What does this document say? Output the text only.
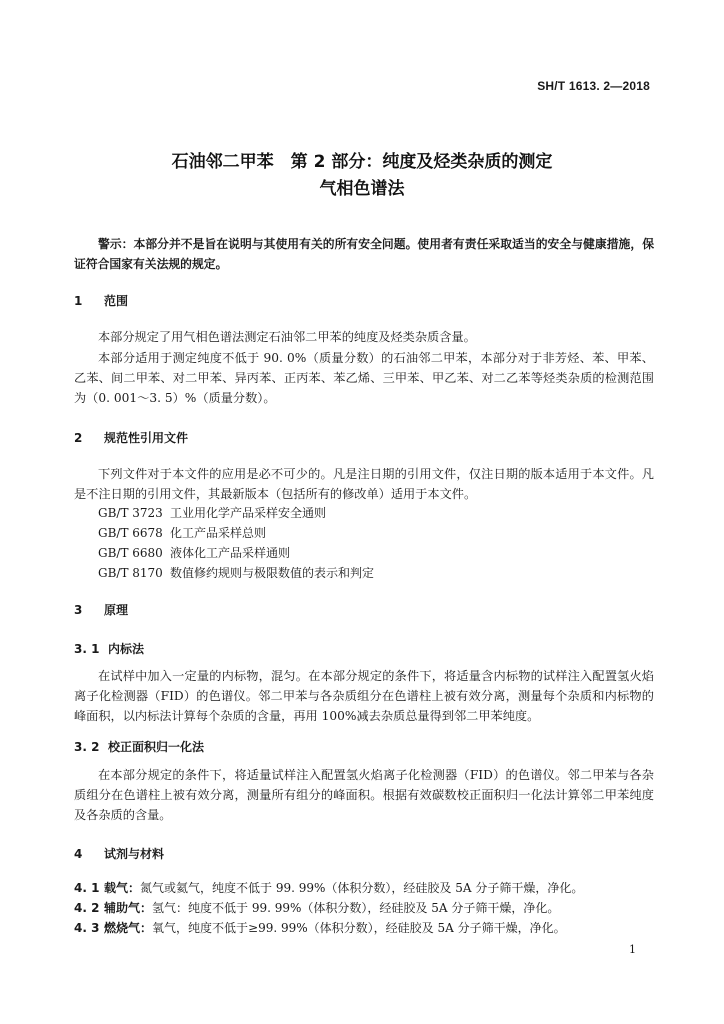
SH/T 1613. 2—2018
石油邻二甲苯　第 2 部分：纯度及烃类杂质的测定
气相色谱法

警示：本部分并不是旨在说明与其使用有关的所有安全问题。使用者有责任采取适当的安全与健康措施，保证符合国家有关法规的规定。

1 范围

本部分规定了用气相色谱法测定石油邻二甲苯的纯度及烃类杂质含量。

本部分适用于测定纯度不低于 90. 0%（质量分数）的石油邻二甲苯，本部分对于非芳烃、苯、甲苯、乙苯、间二甲苯、对二甲苯、异丙苯、正丙苯、苯乙烯、三甲苯、甲乙苯、对二乙苯等烃类杂质的检测范围为（0. 001～3. 5）%（质量分数）。

2 规范性引用文件

下列文件对于本文件的应用是必不可少的。凡是注日期的引用文件，仅注日期的版本适用于本文件。凡是不注日期的引用文件，其最新版本（包括所有的修改单）适用于本文件。

GB/T 3723 工业用化学产品采样安全通则
GB/T 6678 化工产品采样总则
GB/T 6680 液体化工产品采样通则
GB/T 8170 数值修约规则与极限数值的表示和判定
3 原理
3. 1 内标法

在试样中加入一定量的内标物，混匀。在本部分规定的条件下，将适量含内标物的试样注入配置氢火焰离子化检测器（FID）的色谱仪。邻二甲苯与各杂质组分在色谱柱上被有效分离，测量每个杂质和内标物的峰面积，以内标法计算每个杂质的含量，再用 100%减去杂质总量得到邻二甲苯纯度。

3. 2 校正面积归一化法

在本部分规定的条件下，将适量试样注入配置氢火焰离子化检测器（FID）的色谱仪。邻二甲苯与各杂质组分在色谱柱上被有效分离，测量所有组分的峰面积。根据有效碳数校正面积归一化法计算邻二甲苯纯度及各杂质的含量。

4 试剂与材料
4. 1 载气：氮气或氦气，纯度不低于 99. 99%（体积分数），经硅胶及 5A 分子筛干燥，净化。
4. 2 辅助气：氢气：纯度不低于 99. 99%（体积分数），经硅胶及 5A 分子筛干燥，净化。
4. 3 燃烧气：氧气，纯度不低于≥99. 99%（体积分数），经硅胶及 5A 分子筛干燥，净化。
1
